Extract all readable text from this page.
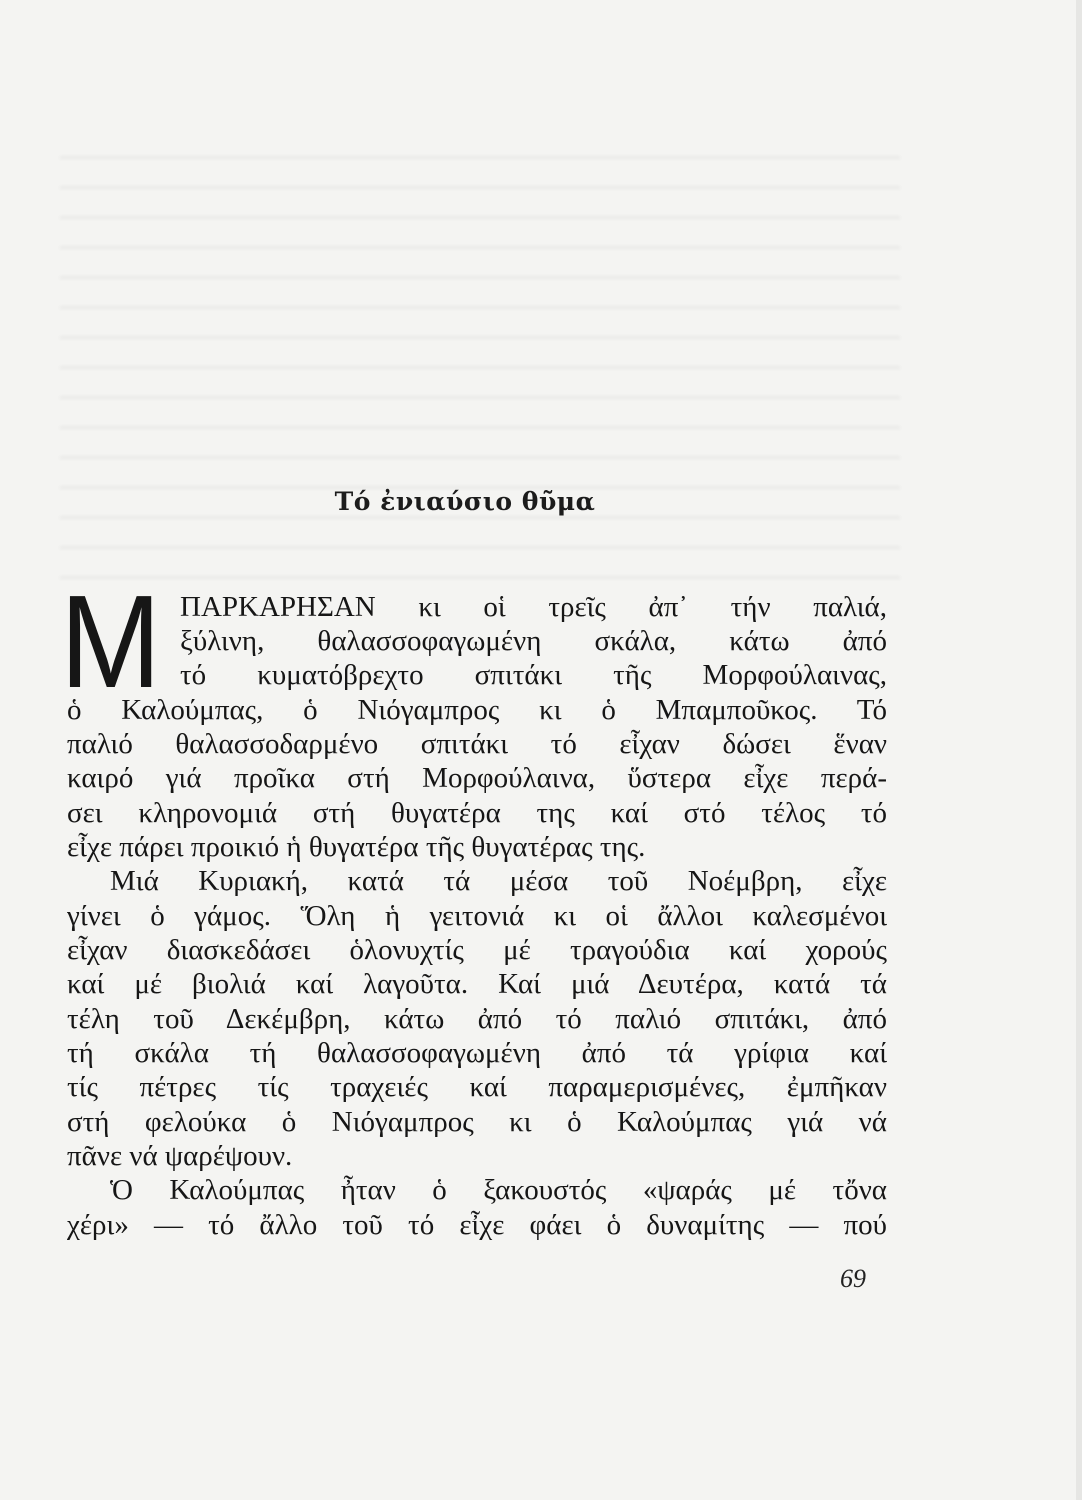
Τό ἐνιαύσιο θῦμα
Μ ΠΑΡΚΑΡΗΣΑΝ κι οἱ τρεῖς ἀπ᾽ τήν παλιά,
ξύλινη, θαλασσοφαγωμένη σκάλα, κάτω ἀπό
τό κυματόβρεχτο σπιτάκι τῆς Μορφούλαινας,
ὁ Καλούμπας, ὁ Νιόγαμπρος κι ὁ Μπαμποῦκος. Τό
παλιό θαλασσοδαρμένο σπιτάκι τό εἶχαν δώσει ἕναν
καιρό γιά προῖκα στή Μορφούλαινα, ὕστερα εἶχε περά-
σει κληρονομιά στή θυγατέρα της καί στό τέλος τό
εἶχε πάρει προικιό ἡ θυγατέρα τῆς θυγατέρας της.
Μιά Κυριακή, κατά τά μέσα τοῦ Νοέμβρη, εἶχε
γίνει ὁ γάμος. Ὅλη ἡ γειτονιά κι οἱ ἄλλοι καλεσμένοι
εἶχαν διασκεδάσει ὁλονυχτίς μέ τραγούδια καί χορούς
καί μέ βιολιά καί λαγοῦτα. Καί μιά Δευτέρα, κατά τά
τέλη τοῦ Δεκέμβρη, κάτω ἀπό τό παλιό σπιτάκι, ἀπό
τή σκάλα τή θαλασσοφαγωμένη ἀπό τά γρίφια καί
τίς πέτρες τίς τραχειές καί παραμερισμένες, ἐμπῆκαν
στή φελούκα ὁ Νιόγαμπρος κι ὁ Καλούμπας γιά νά
πᾶνε νά ψαρέψουν.
Ὁ Καλούμπας ἦταν ὁ ξακουστός «ψαράς μέ τὄνα
χέρι» — τό ἄλλο τοῦ τό εἶχε φάει ὁ δυναμίτης — πού
69
